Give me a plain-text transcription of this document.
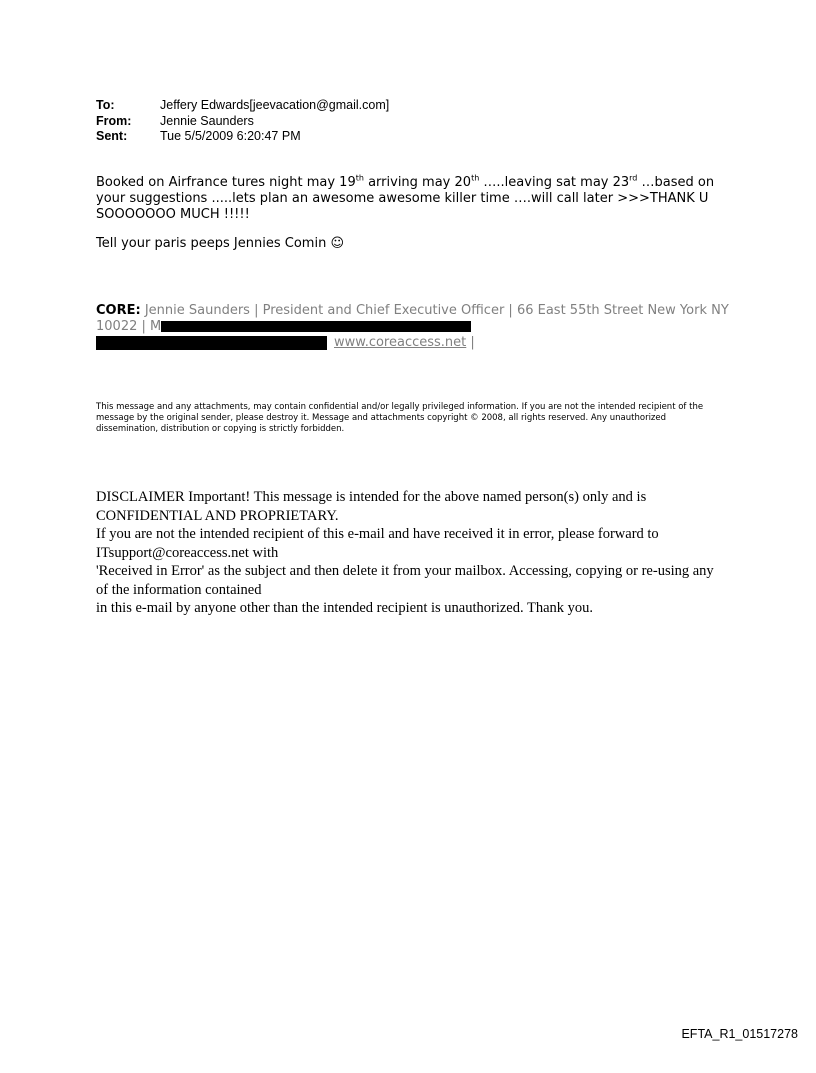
To:	Jeffery Edwards[jeevacation@gmail.com]
From:	Jennie Saunders
Sent:	Tue 5/5/2009 6:20:47 PM
Booked on Airfrance tures night may 19th arriving may 20th …..leaving sat may 23rd …based on your suggestions .....lets plan an awesome awesome killer time ….will call later >>>THANK U SOOOOOOO MUCH !!!!!
Tell your paris peeps Jennies Comin ☺
CORE: Jennie Saunders | President and Chief Executive Officer | 66 East 55th Street New York NY 10022 | M
www.coreaccess.net |
This message and any attachments, may contain confidential and/or legally privileged information. If you are not the intended recipient of the message by the original sender, please destroy it. Message and attachments copyright © 2008, all rights reserved. Any unauthorized dissemination, distribution or copying is strictly forbidden.
DISCLAIMER Important! This message is intended for the above named person(s) only and is CONFIDENTIAL AND PROPRIETARY.
If you are not the intended recipient of this e-mail and have received it in error, please forward to ITsupport@coreaccess.net with
'Received in Error' as the subject and then delete it from your mailbox. Accessing, copying or re-using any of the information contained
in this e-mail by anyone other than the intended recipient is unauthorized. Thank you.
EFTA_R1_01517278
